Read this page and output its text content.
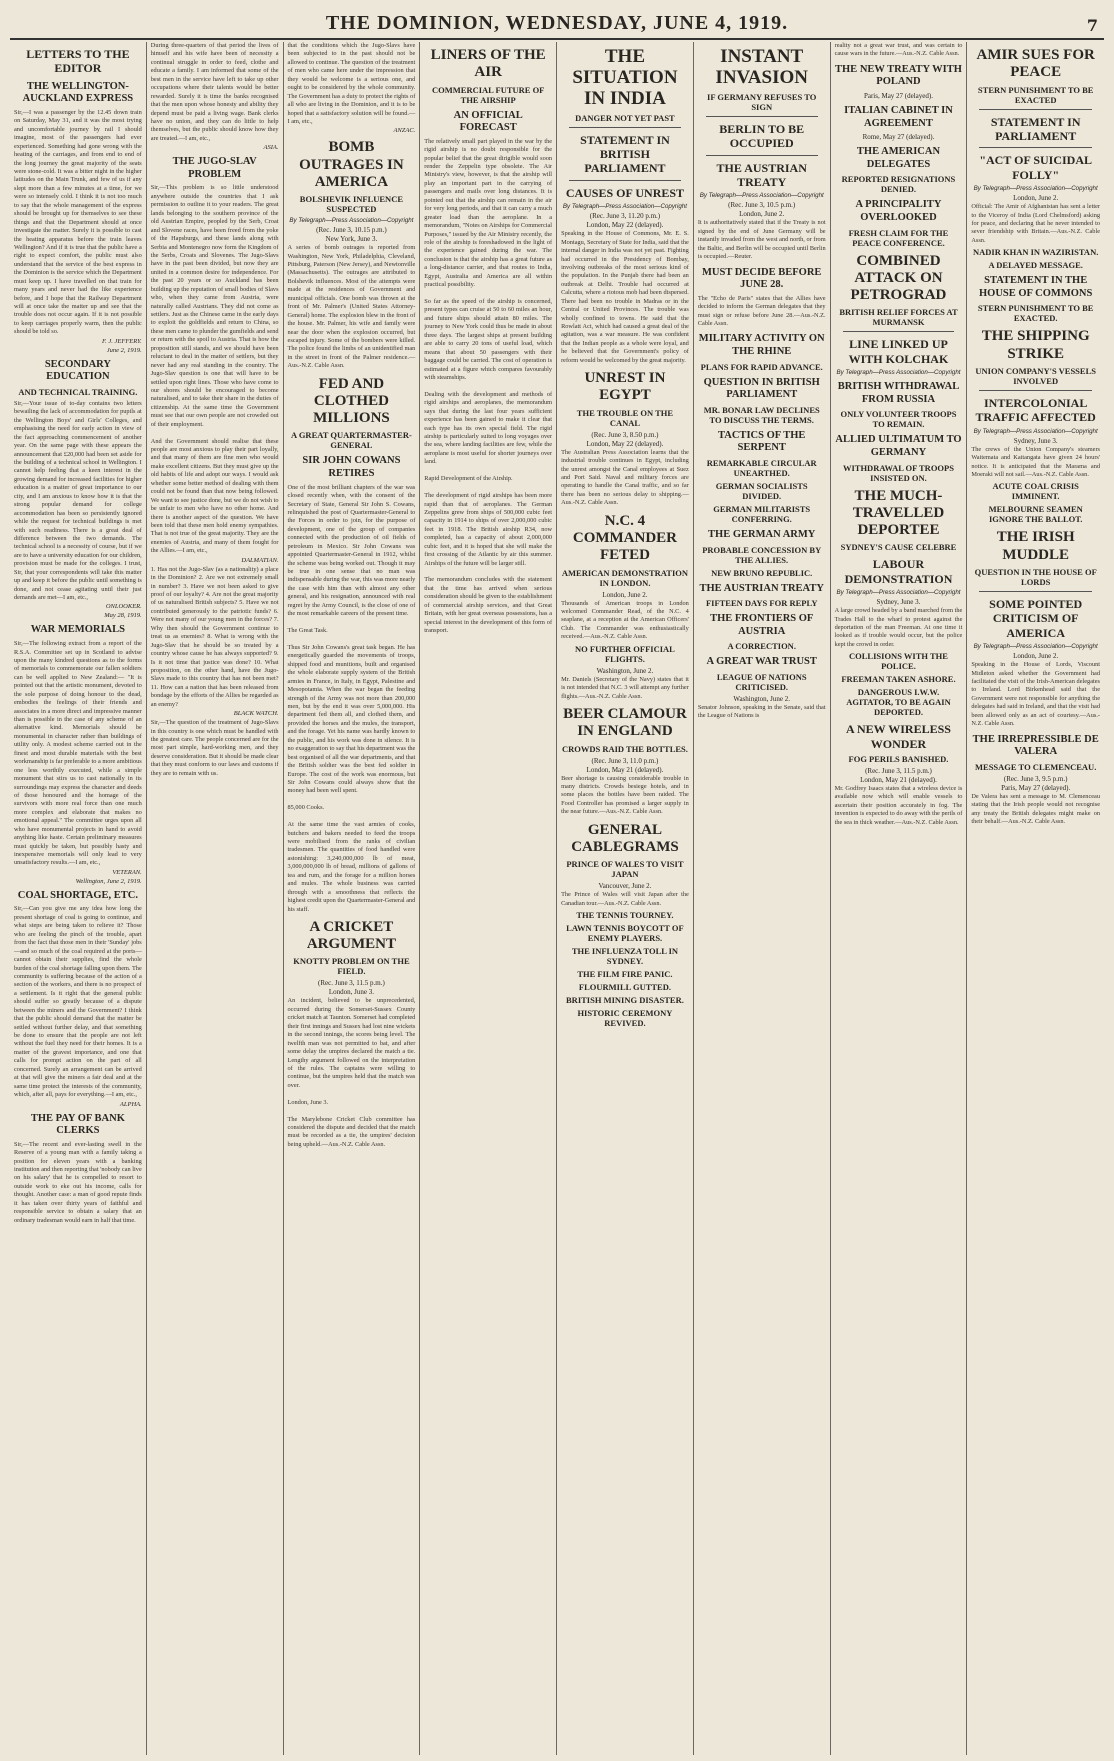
THE DOMINION, WEDNESDAY, JUNE 4, 1919.	7
LETTERS TO THE EDITOR
THE WELLINGTON-AUCKLAND EXPRESS

Sir,—I was a passenger by the 12.45 down train on Saturday, May 31, and it was the most trying and uncomfortable journey by rail I should imagine, most of the passengers had ever experienced. Something had gone wrong with the heating of the carriages, and from end to end of the long journey the great majority of the seats were stone-cold. It was a bitter night in the higher latitudes on the Main Trunk, and few of us if any slept more than a few minutes at a time, for we were so intensely cold. I think it is not too much to say that the whole management of the express should be brought up for themselves to see these things and that the Department should at once investigate the matter. Surely it is possible to cast the heating apparatus before the train leaves Wellington? And if it is true that the public have a right to expect comfort, the public must also understand that the service of the best express in the Dominion is the service which the Department must keep up. I have travelled on that train for many years and never had the like experience before, and I hope that the Railway Department will at once take the matter up and see that the trouble does not occur again. If it is not possible to keep carriages properly warm, then the public should be told so.

F. J. JEFFERY.
June 2, 1919.
SECONDARY EDUCATION
AND TECHNICAL TRAINING.

Sir,—Your issue of to-day contains two letters bewailing the lack of accommodation for pupils at the Wellington Boys' and Girls' Colleges, and emphasising the need for early action in view of the fact approaching commencement of another year. On the same page with these appears the announcement that £20,000 had been set aside for the building of a technical school in Wellington. I cannot help feeling that a keen interest in the growing demand for increased facilities for higher education is a matter of great importance to our city, and I am anxious to know how it is that the strong popular demand for college accommodation has been so persistently ignored while the request for technical buildings is met with such readiness. There is a great deal of difference between the two demands. The technical school is a necessity of course, but if we are to have a university education for our children, provision must be made for the colleges. I trust, Sir, that your correspondents will take this matter up and keep it before the public until something is done, and not cease agitating until their just demands are met—I am, etc.,

ONLOOKER.
May 28, 1919.
WAR MEMORIALS

Sir,—The following extract from a report of the R.S.A. Committee set up in Scotland to advise upon the many kindred questions as to the forms of memorials to commemorate our fallen soldiers can be well applied to New Zealand:— "It is pointed out that the artistic monument, devoted to the sole purpose of doing honour to the dead, embodies the feelings of their friends and associates in a more direct and impressive manner than is possible in the case of any scheme of an alternative kind. Memorials should be monumental in character rather than buildings of utility only. A modest scheme carried out in the finest and most durable materials with the best workmanship is far preferable to a more ambitious one less worthily executed, while a simple monument that stirs us to cast nationally in its surroundings may express the character and deeds of those honoured and the homage of the survivors with more real force than one much more complex and elaborate that makes no emotional appeal." The committee urges upon all who have monumental projects in hand to avoid anything like haste. Certain preliminary measures must quickly be taken, but possibly hasty and inexpensive memorials will only lead to very unsatisfactory results.—I am, etc.,

VETERAN.
Wellington, June 2, 1919.
COAL SHORTAGE, ETC.

Sir,—Can you give me any idea how long the present shortage of coal is going to continue, and what steps are being taken to relieve it? Those who are feeling the pinch of the trouble, apart from the fact that those men in their 'Sunday' jobs—and so much of the coal required at the ports—cannot obtain their supplies, find the whole burden of the coal shortage falling upon them. The community is suffering because of the action of a section of the workers, and there is no prospect of a settlement. Is it right that the general public should suffer so greatly because of a dispute between the miners and the Government? I think that the public should demand that the matter be settled without further delay, and that something be done to ensure that the people are not left without the fuel they need for their homes. It is a matter of the gravest importance, and one that calls for prompt action on the part of all concerned. Surely an arrangement can be arrived at that will give the miners a fair deal and at the same time protect the interests of the community, which, after all, pays for everything.—I am, etc.,

ALPHA.
THE PAY OF BANK CLERKS

Sir,—The recent and ever-lasting swell in the Reserve of a young man with a family taking a position for eleven years with a banking institution and then reporting that 'nobody can live on his salary' that he is compelled to resort to outside work to eke out his income, calls for thought. Another case: a man of good repute finds it has taken over thirty years of faithful and responsible service to obtain a salary that an ordinary tradesman would earn in half that time.

During three-quarters of that period the lives of himself and his wife have been of necessity a continual struggle in order to feed, clothe and educate a family. I am informed that some of the best men in the service have left to take up other occupations where their talents would be better rewarded. Surely it is time the banks recognised that the men upon whose honesty and ability they depend must be paid a living wage. Bank clerks have no union, and they can do little to help themselves, but the public should know how they are treated.—I am, etc.,

ASIA.
THE JUGO-SLAV PROBLEM

Sir,—This problem is so little understood anywhere outside the countries that I ask permission to outline it to your readers. The great lands belonging to the southern province of the old Austrian Empire, peopled by the Serb, Croat and Slovene races, have been freed from the yoke of the Hapsburgs, and these lands along with Serbia and Montenegro now form the Kingdom of the Serbs, Croats and Slovenes. The Jugo-Slavs have in the past been divided, but now they are united in a common desire for independence. For the past 20 years or so Auckland has been building up the reputation of small bodies of Slavs who, when they came from Austria, were naturally called Austrians. They did not come as settlers. Just as the Chinese came in the early days to exploit the goldfields and return to China, so these men came to plunder the gumfields and send or return with the spoil to Austria. That is how the proposition still stands, and we should have been reluctant to deal in the matter of settlers, but they never had any real standing in the country. The Jugo-Slav question is one that will have to be settled upon right lines. Those who have come to our shores should be encouraged to become naturalised, and to take their share in the duties of citizenship. At the same time the Government must see that our own people are not crowded out of their employment.

And the Government should realise that these people are most anxious to play their part loyally, and that many of them are fine men who would make excellent citizens. But they must give up the old habits of life and adopt our ways. I would ask whether some better method of dealing with them could not be found than that now being followed. We want to see justice done, but we do not wish to be unfair to men who have no other home. And there is another aspect of the question. We have been told that these men hold enemy sympathies. That is not true of the great majority. They are the enemies of Austria, and many of them fought for the Allies.—I am, etc.,

DALMATIAN.

1. Has not the Jugo-Slav (as a nationality) a place in the Dominion? 2. Are we not extremely small in number? 3. Have we not been asked to give proof of our loyalty? 4. Are not the great majority of us naturalised British subjects? 5. Have we not contributed generously to the patriotic funds? 6. Were not many of our young men in the forces? 7. Why then should the Government continue to treat us as enemies? 8. What is wrong with the Jugo-Slav that he should be so treated by a country whose cause he has always supported? 9. Is it not time that justice was done? 10. What proposition, on the other hand, have the Jugo-Slavs made to this country that has not been met? 11. How can a nation that has been released from bondage by the efforts of the Allies be regarded as an enemy?

BLACK WATCH.

Sir,—The question of the treatment of Jugo-Slavs in this country is one which must be handled with the greatest care. The people concerned are for the most part simple, hard-working men, and they deserve consideration. But it should be made clear that they must conform to our laws and customs if they are to remain with us.

that the conditions which the Jugo-Slavs have been subjected to in the past should not be allowed to continue. The question of the treatment of men who came here under the impression that they would be welcome is a serious one, and ought to be considered by the whole community. The Government has a duty to protect the rights of all who are living in the Dominion, and it is to be hoped that a satisfactory solution will be found.—I am, etc.,

ANZAC.
BOMB OUTRAGES IN AMERICA
BOLSHEVIK INFLUENCE SUSPECTED
By Telegraph—Press Association—Copyright
(Rec. June 3, 10.15 p.m.)
New York, June 3.

A series of bomb outrages is reported from Washington, New York, Philadelphia, Cleveland, Pittsburg, Paterson (New Jersey), and Newtonville (Massachusetts). The outrages are attributed to Bolshevik influences. Most of the attempts were made at the residences of Government and municipal officials. One bomb was thrown at the front of Mr. Palmer's (United States Attorney-General) home. The explosion blew in the front of the house. Mr. Palmer, his wife and family were near the door when the explosion occurred, but escaped injury. Some of the bombers were killed. The police found the limbs of an unidentified man in the street in front of the Palmer residence.—Aus.-N.Z. Cable Assn.

FED AND CLOTHED MILLIONS
A GREAT QUARTERMASTER-GENERAL
SIR JOHN COWANS RETIRES

One of the most brilliant chapters of the war was closed recently when, with the consent of the Secretary of State, General Sir John S. Cowans, relinquished the post of Quartermaster-General to the Forces in order to join, for the purpose of development, one of the group of companies connected with the production of oil fields of petroleum in Mexico. Sir John Cowans was appointed Quartermaster-General in 1912, whilst the scheme was being worked out. Though it may be true in one sense that no man was indispensable during the war, this was more nearly the case with him than with almost any other general, and his resignation, announced with real regret by the Army Council, is the close of one of the most remarkable careers of the present time.

The Great Task.

Thus Sir John Cowans's great task began. He has energetically guarded the movements of troops, shipped food and munitions, built and organised the whole elaborate supply system of the British armies in France, in Italy, in Egypt, Palestine and Mesopotamia. When the war began the feeding strength of the Army was not more than 200,000 men, but by the end it was over 5,000,000. His department fed them all, and clothed them, and provided the horses and the mules, the transport, and the forage. Yet his name was hardly known to the public, and his work was done in silence. It is no exaggeration to say that his department was the best organised of all the war departments, and that the British soldier was the best fed soldier in Europe. The cost of the work was enormous, but Sir John Cowans could always show that the money had been well spent.

85,000 Cooks.

At the same time the vast armies of cooks, butchers and bakers needed to feed the troops were mobilised from the ranks of civilian tradesmen. The quantities of food handled were astonishing: 3,240,000,000 lb of meat, 3,000,000,000 lb of bread, millions of gallons of tea and rum, and the forage for a million horses and mules. The whole business was carried through with a smoothness that reflects the highest credit upon the Quartermaster-General and his staff.

A CRICKET ARGUMENT
KNOTTY PROBLEM ON THE FIELD.
(Rec. June 3, 11.5 p.m.)
London, June 3.

An incident, believed to be unprecedented, occurred during the Somerset-Sussex County cricket match at Taunton. Somerset had completed their first innings and Sussex had lost nine wickets in the second innings, the scores being level. The twelfth man was not permitted to bat, and after some delay the umpires declared the match a tie. Lengthy argument followed on the interpretation of the rules. The captains were willing to continue, but the umpires held that the match was over.

London, June 3.

The Marylebone Cricket Club committee has considered the dispute and decided that the match must be recorded as a tie, the umpires' decision being upheld.—Aus.-N.Z. Cable Assn.

LINERS OF THE AIR
COMMERCIAL FUTURE OF THE AIRSHIP
AN OFFICIAL FORECAST

The relatively small part played in the war by the rigid airship is no doubt responsible for the popular belief that the great dirigible would soon render the Zeppelin type obsolete. The Air Ministry's view, however, is that the airship will play an important part in the carrying of passengers and mails over long distances. It is pointed out that the airship can remain in the air for very long periods, and that it can carry a much greater load than the aeroplane. In a memorandum, "Notes on Airships for Commercial Purposes," issued by the Air Ministry recently, the role of the airship is foreshadowed in the light of the experience gained during the war. The conclusion is that the airship has a great future as a long-distance carrier, and that routes to India, Egypt, Australia and America are all within practical possibility.

So far as the speed of the airship is concerned, present types can cruise at 50 to 60 miles an hour, and future ships should attain 80 miles. The journey to New York could thus be made in about three days. The largest ships at present building are able to carry 20 tons of useful load, which means that about 50 passengers with their baggage could be carried. The cost of operation is estimated at a figure which compares favourably with steamships.

Dealing with the development and methods of rigid airships and aeroplanes, the memorandum says that during the last four years sufficient experience has been gained to make it clear that each type has its own special field. The rigid airship is particularly suited to long voyages over the sea, where landing facilities are few, while the aeroplane is most useful for shorter journeys over land.

Rapid Development of the Airship.

The development of rigid airships has been more rapid than that of aeroplanes. The German Zeppelins grew from ships of 500,000 cubic feet capacity in 1914 to ships of over 2,000,000 cubic feet in 1918. The British airship R34, now completed, has a capacity of about 2,000,000 cubic feet, and it is hoped that she will make the first crossing of the Atlantic by air this summer. Airships of the future will be larger still.

The memorandum concludes with the statement that the time has arrived when serious consideration should be given to the establishment of commercial airship services, and that Great Britain, with her great overseas possessions, has a special interest in the development of this form of transport.

THE SITUATION IN INDIA
DANGER NOT YET PAST
STATEMENT IN BRITISH PARLIAMENT
CAUSES OF UNREST
By Telegraph—Press Association—Copyright
(Rec. June 3, 11.20 p.m.)
London, May 22 (delayed).

Speaking in the House of Commons, Mr. E. S. Montagu, Secretary of State for India, said that the internal danger in India was not yet past. Fighting had occurred in the Presidency of Bombay, involving outbreaks of the most serious kind of the population. In the Punjab there had been an outbreak at Delhi. Trouble had occurred at Calcutta, where a riotous mob had been dispersed. There had been no trouble in Madras or in the Central or United Provinces. The trouble was wholly confined to towns. He said that the Rowlatt Act, which had caused a great deal of the agitation, was a war measure. He was confident that the Indian people as a whole were loyal, and he believed that the Government's policy of reform would be welcomed by the great majority.

UNREST IN EGYPT
THE TROUBLE ON THE CANAL
(Rec. June 3, 8.50 p.m.)
London, May 22 (delayed).

The Australian Press Association learns that the industrial trouble continues in Egypt, including the unrest amongst the Canal employees at Suez and Port Said. Naval and military forces are operating to handle the Canal traffic, and so far there has been no serious delay to shipping.—Aus.-N.Z. Cable Assn.

N.C. 4 COMMANDER FETED
AMERICAN DEMONSTRATION IN LONDON.
London, June 2.

Thousands of American troops in London welcomed Commander Read, of the N.C. 4 seaplane, at a reception at the American Officers' Club. The Commander was enthusiastically received.—Aus.-N.Z. Cable Assn.

NO FURTHER OFFICIAL FLIGHTS.
Washington, June 2.

Mr. Daniels (Secretary of the Navy) states that it is not intended that N.C. 3 will attempt any further flights.—Aus.-N.Z. Cable Assn.

BEER CLAMOUR IN ENGLAND
CROWDS RAID THE BOTTLES.
(Rec. June 3, 11.0 p.m.)
London, May 21 (delayed).

Beer shortage is causing considerable trouble in many districts. Crowds besiege hotels, and in some places the bottles have been raided. The Food Controller has promised a larger supply in the near future.—Aus.-N.Z. Cable Assn.

GENERAL CABLEGRAMS
PRINCE OF WALES TO VISIT JAPAN
Vancouver, June 2.

The Prince of Wales will visit Japan after the Canadian tour.—Aus.-N.Z. Cable Assn.

THE TENNIS TOURNEY.
LAWN TENNIS BOYCOTT OF ENEMY PLAYERS.
THE INFLUENZA TOLL IN SYDNEY.
THE FILM FIRE PANIC.
FLOURMILL GUTTED.
BRITISH MINING DISASTER.
HISTORIC CEREMONY REVIVED.
INSTANT INVASION
IF GERMANY REFUSES TO SIGN
BERLIN TO BE OCCUPIED
THE AUSTRIAN TREATY
By Telegraph—Press Association—Copyright
(Rec. June 3, 10.5 p.m.)
London, June 2.

It is authoritatively stated that if the Treaty is not signed by the end of June Germany will be instantly invaded from the west and north, or from the Baltic, and Berlin will be occupied until Berlin is occupied.—Reuter.

MUST DECIDE BEFORE JUNE 28.

The "Echo de Paris" states that the Allies have decided to inform the German delegates that they must sign or refuse before June 28.—Aus.-N.Z. Cable Assn.

MILITARY ACTIVITY ON THE RHINE
PLANS FOR RAPID ADVANCE.
QUESTION IN BRITISH PARLIAMENT
MR. BONAR LAW DECLINES TO DISCUSS THE TERMS.
TACTICS OF THE SERPENT
REMARKABLE CIRCULAR UNEARTHED.
GERMAN SOCIALISTS DIVIDED.
GERMAN MILITARISTS CONFERRING.
THE GERMAN ARMY
PROBABLE CONCESSION BY THE ALLIES.
NEW BRUNO REPUBLIC.
THE AUSTRIAN TREATY
FIFTEEN DAYS FOR REPLY
THE FRONTIERS OF AUSTRIA
A CORRECTION.
A GREAT WAR TRUST
LEAGUE OF NATIONS CRITICISED.
Washington, June 2.

Senator Johnson, speaking in the Senate, said that the League of Nations is

reality not a great war trust, and was certain to cause wars in the future.—Aus.-N.Z. Cable Assn.

THE NEW TREATY WITH POLAND
Paris, May 27 (delayed).
ITALIAN CABINET IN AGREEMENT
Rome, May 27 (delayed).
THE AMERICAN DELEGATES
REPORTED RESIGNATIONS DENIED.
A PRINCIPALITY OVERLOOKED
FRESH CLAIM FOR THE PEACE CONFERENCE.
COMBINED ATTACK ON PETROGRAD
BRITISH RELIEF FORCES AT MURMANSK
LINE LINKED UP WITH KOLCHAK
By Telegraph—Press Association—Copyright
BRITISH WITHDRAWAL FROM RUSSIA
ONLY VOLUNTEER TROOPS TO REMAIN.
ALLIED ULTIMATUM TO GERMANY
WITHDRAWAL OF TROOPS INSISTED ON.
THE MUCH-TRAVELLED DEPORTEE
SYDNEY'S CAUSE CELEBRE
LABOUR DEMONSTRATION
By Telegraph—Press Association—Copyright
Sydney, June 3.

A large crowd headed by a band marched from the Trades Hall to the wharf to protest against the deportation of the man Freeman. At one time it looked as if trouble would occur, but the police kept the crowd in order.

COLLISIONS WITH THE POLICE.
FREEMAN TAKEN ASHORE.
DANGEROUS I.W.W. AGITATOR, TO BE AGAIN DEPORTED.
A NEW WIRELESS WONDER
FOG PERILS BANISHED.
(Rec. June 3, 11.5 p.m.)
London, May 21 (delayed).

Mr. Godfrey Isaacs states that a wireless device is available now which will enable vessels to ascertain their position accurately in fog. The invention is expected to do away with the perils of the sea in thick weather.—Aus.-N.Z. Cable Assn.

AMIR SUES FOR PEACE
STERN PUNISHMENT TO BE EXACTED
STATEMENT IN PARLIAMENT
"ACT OF SUICIDAL FOLLY"
By Telegraph—Press Association—Copyright
London, June 2.

Official: The Amir of Afghanistan has sent a letter to the Viceroy of India (Lord Chelmsford) asking for peace, and declaring that he never intended to sever friendship with Britain.—Aus.-N.Z. Cable Assn.

NADIR KHAN IN WAZIRISTAN.
A DELAYED MESSAGE.
STATEMENT IN THE HOUSE OF COMMONS
STERN PUNISHMENT TO BE EXACTED.
THE SHIPPING STRIKE
UNION COMPANY'S VESSELS INVOLVED
INTERCOLONIAL TRAFFIC AFFECTED
By Telegraph—Press Association—Copyright
Sydney, June 3.

The crews of the Union Company's steamers Waitemata and Kaitangata have given 24 hours' notice. It is anticipated that the Marama and Moeraki will not sail.—Aus.-N.Z. Cable Assn.

ACUTE COAL CRISIS IMMINENT.
MELBOURNE SEAMEN IGNORE THE BALLOT.
THE IRISH MUDDLE
QUESTION IN THE HOUSE OF LORDS
SOME POINTED CRITICISM OF AMERICA
By Telegraph—Press Association—Copyright
London, June 2.

Speaking in the House of Lords, Viscount Midleton asked whether the Government had facilitated the visit of the Irish-American delegates to Ireland. Lord Birkenhead said that the Government were not responsible for anything the delegates had said in Ireland, and that the visit had been allowed only as an act of courtesy.—Aus.-N.Z. Cable Assn.

THE IRREPRESSIBLE DE VALERA
MESSAGE TO CLEMENCEAU.
(Rec. June 3, 9.5 p.m.)
Paris, May 27 (delayed).

De Valera has sent a message to M. Clemenceau stating that the Irish people would not recognise any treaty the British delegates might make on their behalf.—Aus.-N.Z. Cable Assn.
